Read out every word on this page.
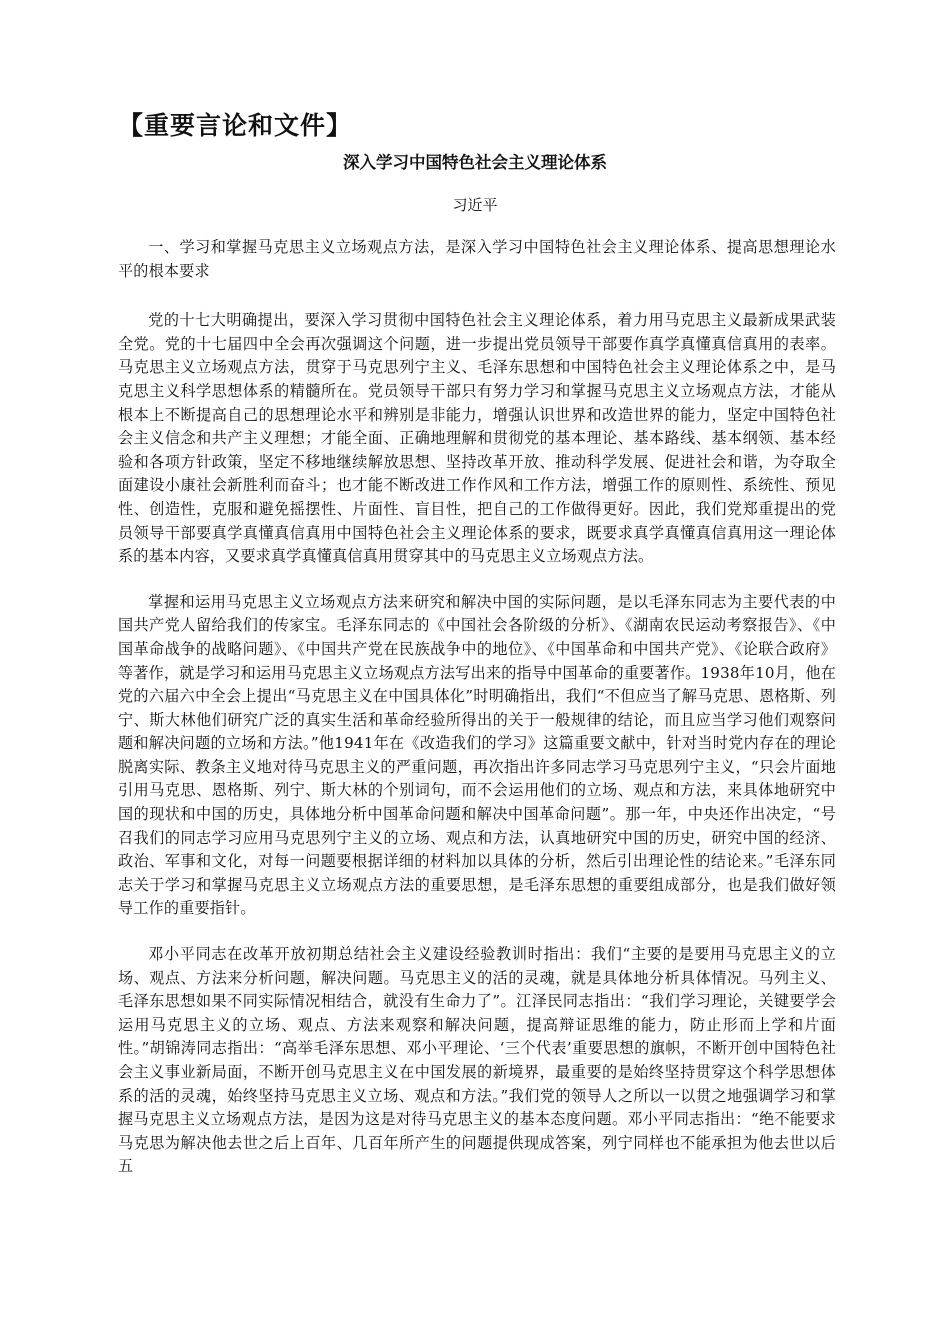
【重要言论和文件】
深入学习中国特色社会主义理论体系
习近平

一、学习和掌握马克思主义立场观点方法，是深入学习中国特色社会主义理论体系、提高思想理论水平的根本要求

党的十七大明确提出，要深入学习贯彻中国特色社会主义理论体系，着力用马克思主义最新成果武装全党。党的十七届四中全会再次强调这个问题，进一步提出党员领导干部要作真学真懂真信真用的表率。马克思主义立场观点方法，贯穿于马克思列宁主义、毛泽东思想和中国特色社会主义理论体系之中，是马克思主义科学思想体系的精髓所在。党员领导干部只有努力学习和掌握马克思主义立场观点方法，才能从根本上不断提高自己的思想理论水平和辨别是非能力，增强认识世界和改造世界的能力，坚定中国特色社会主义信念和共产主义理想；才能全面、正确地理解和贯彻党的基本理论、基本路线、基本纲领、基本经验和各项方针政策，坚定不移地继续解放思想、坚持改革开放、推动科学发展、促进社会和谐，为夺取全面建设小康社会新胜利而奋斗；也才能不断改进工作作风和工作方法，增强工作的原则性、系统性、预见性、创造性，克服和避免摇摆性、片面性、盲目性，把自己的工作做得更好。因此，我们党郑重提出的党员领导干部要真学真懂真信真用中国特色社会主义理论体系的要求，既要求真学真懂真信真用这一理论体系的基本内容，又要求真学真懂真信真用贯穿其中的马克思主义立场观点方法。

掌握和运用马克思主义立场观点方法来研究和解决中国的实际问题，是以毛泽东同志为主要代表的中国共产党人留给我们的传家宝。毛泽东同志的《中国社会各阶级的分析》、《湖南农民运动考察报告》、《中国革命战争的战略问题》、《中国共产党在民族战争中的地位》、《中国革命和中国共产党》、《论联合政府》等著作，就是学习和运用马克思主义立场观点方法写出来的指导中国革命的重要著作。1938年10月，他在党的六届六中全会上提出“马克思主义在中国具体化”时明确指出，我们“不但应当了解马克思、恩格斯、列宁、斯大林他们研究广泛的真实生活和革命经验所得出的关于一般规律的结论，而且应当学习他们观察问题和解决问题的立场和方法。”他1941年在《改造我们的学习》这篇重要文献中，针对当时党内存在的理论脱离实际、教条主义地对待马克思主义的严重问题，再次指出许多同志学习马克思列宁主义，“只会片面地引用马克思、恩格斯、列宁、斯大林的个别词句，而不会运用他们的立场、观点和方法，来具体地研究中国的现状和中国的历史，具体地分析中国革命问题和解决中国革命问题”。那一年，中央还作出决定，“号召我们的同志学习应用马克思列宁主义的立场、观点和方法，认真地研究中国的历史，研究中国的经济、政治、军事和文化，对每一问题要根据详细的材料加以具体的分析，然后引出理论性的结论来。”毛泽东同志关于学习和掌握马克思主义立场观点方法的重要思想，是毛泽东思想的重要组成部分，也是我们做好领导工作的重要指针。

邓小平同志在改革开放初期总结社会主义建设经验教训时指出：我们“主要的是要用马克思主义的立场、观点、方法来分析问题，解决问题。马克思主义的活的灵魂，就是具体地分析具体情况。马列主义、毛泽东思想如果不同实际情况相结合，就没有生命力了”。江泽民同志指出：“我们学习理论，关键要学会运用马克思主义的立场、观点、方法来观察和解决问题，提高辩证思维的能力，防止形而上学和片面性。”胡锦涛同志指出：“高举毛泽东思想、邓小平理论、‘三个代表’重要思想的旗帜，不断开创中国特色社会主义事业新局面，不断开创马克思主义在中国发展的新境界，最重要的是始终坚持贯穿这个科学思想体系的活的灵魂，始终坚持马克思主义立场、观点和方法。”我们党的领导人之所以一以贯之地强调学习和掌握马克思主义立场观点方法，是因为这是对待马克思主义的基本态度问题。邓小平同志指出：“绝不能要求马克思为解决他去世之后上百年、几百年所产生的问题提供现成答案，列宁同样也不能承担为他去世以后五
